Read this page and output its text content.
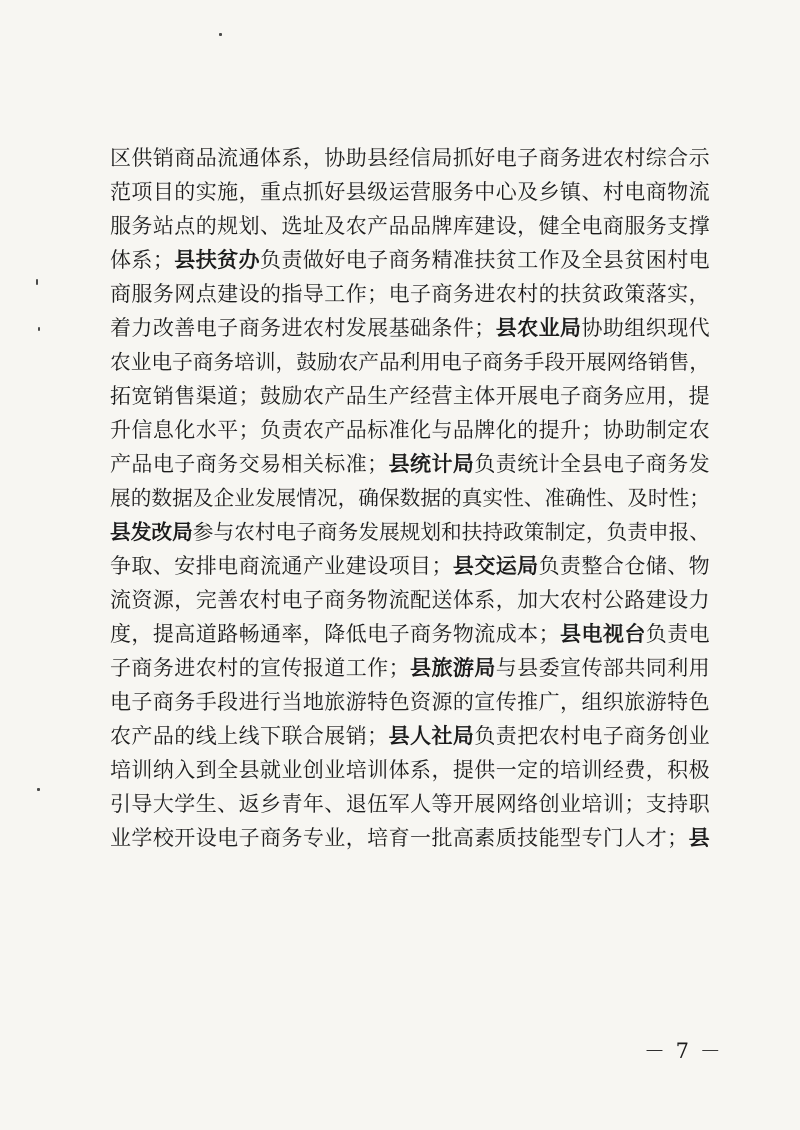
区供销商品流通体系，协助县经信局抓好电子商务进农村综合示
范项目的实施，重点抓好县级运营服务中心及乡镇、村电商物流
服务站点的规划、选址及农产品品牌库建设，健全电商服务支撑
体系；县扶贫办负责做好电子商务精准扶贫工作及全县贫困村电
商服务网点建设的指导工作；电子商务进农村的扶贫政策落实，
着力改善电子商务进农村发展基础条件；县农业局协助组织现代
农业电子商务培训，鼓励农产品利用电子商务手段开展网络销售，
拓宽销售渠道；鼓励农产品生产经营主体开展电子商务应用，提
升信息化水平；负责农产品标准化与品牌化的提升；协助制定农
产品电子商务交易相关标准；县统计局负责统计全县电子商务发
展的数据及企业发展情况，确保数据的真实性、准确性、及时性；
县发改局参与农村电子商务发展规划和扶持政策制定，负责申报、
争取、安排电商流通产业建设项目；县交运局负责整合仓储、物
流资源，完善农村电子商务物流配送体系，加大农村公路建设力
度，提高道路畅通率，降低电子商务物流成本；县电视台负责电
子商务进农村的宣传报道工作；县旅游局与县委宣传部共同利用
电子商务手段进行当地旅游特色资源的宣传推广，组织旅游特色
农产品的线上线下联合展销；县人社局负责把农村电子商务创业
培训纳入到全县就业创业培训体系，提供一定的培训经费，积极
引导大学生、返乡青年、退伍军人等开展网络创业培训；支持职
业学校开设电子商务专业，培育一批高素质技能型专门人才；县
－ 7 －
